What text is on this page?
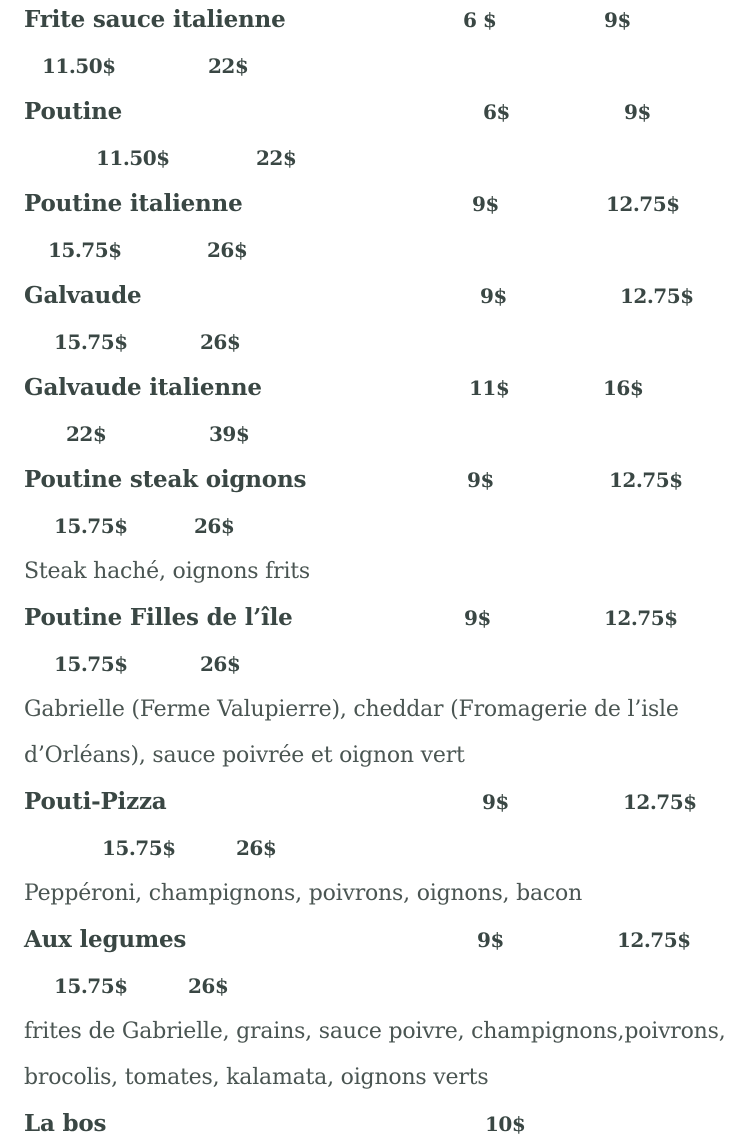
Frite sauce italienne	6 $	9$
11.50$	22$
Poutine	6$	9$
11.50$	22$
Poutine italienne	9$	12.75$
15.75$	26$
Galvaude	9$	12.75$
15.75$	26$
Galvaude italienne	11$	16$
22$	39$
Poutine steak oignons	9$	12.75$
15.75$	26$
Steak haché, oignons frits
Poutine Filles de l’île	9$	12.75$
15.75$	26$
Gabrielle (Ferme Valupierre), cheddar (Fromagerie de l’isle
d’Orléans), sauce poivrée et oignon vert
Pouti-Pizza	9$	12.75$
15.75$	26$
Peppéroni, champignons, poivrons, oignons, bacon
Aux legumes	9$	12.75$
15.75$	26$
frites de Gabrielle, grains, sauce poivre, champignons,poivrons,
brocolis, tomates, kalamata, oignons verts
La bos	10$
